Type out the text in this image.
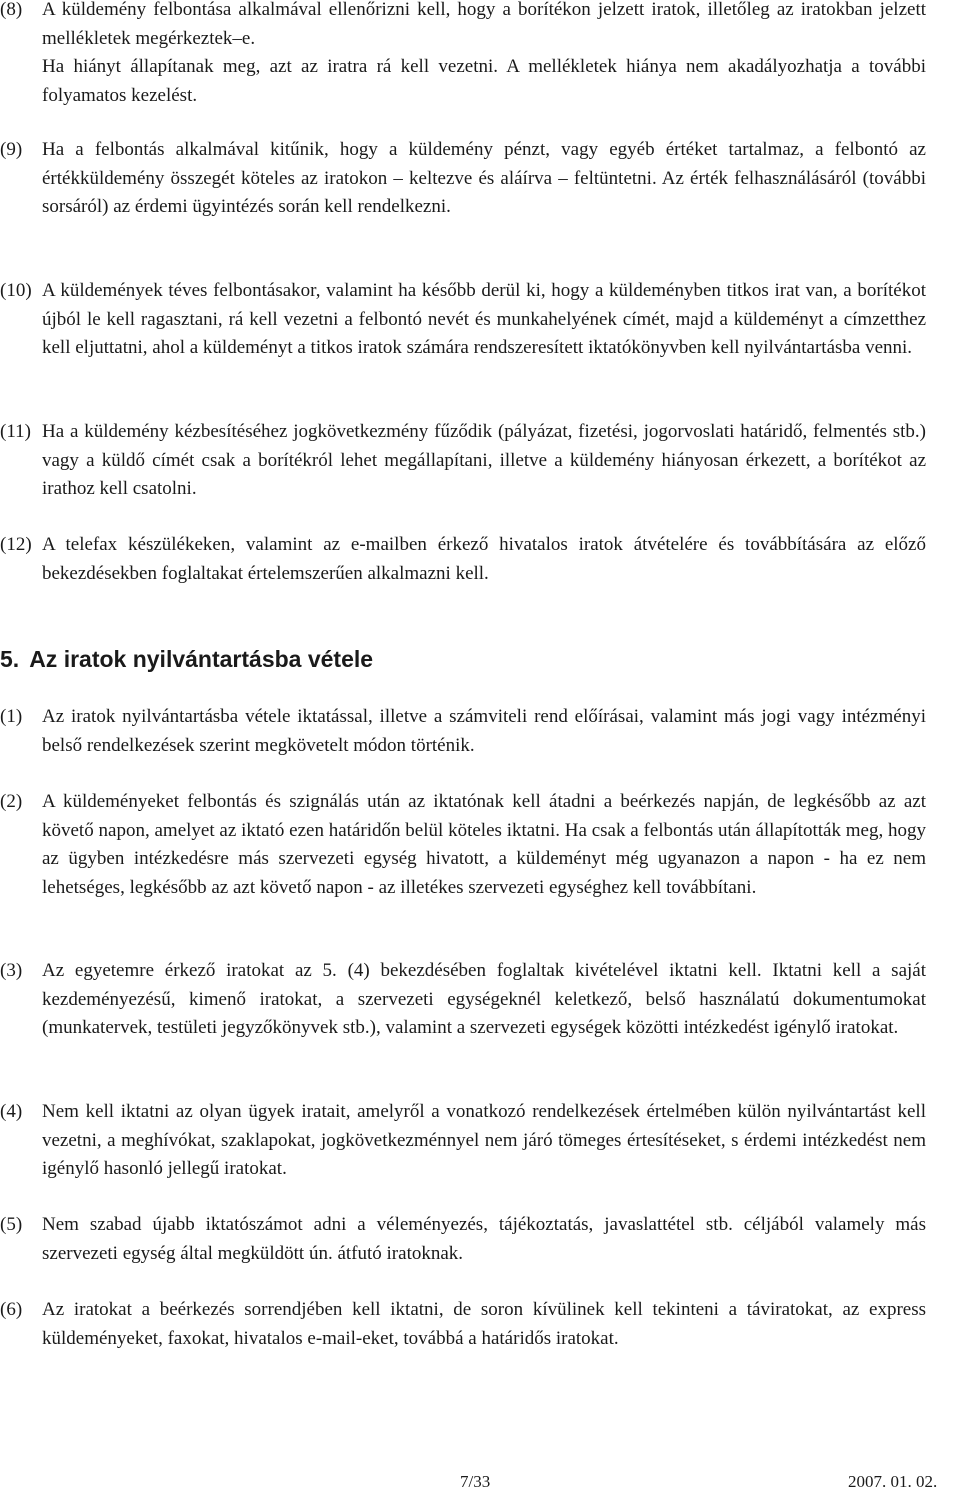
(8) A küldemény felbontása alkalmával ellenőrizni kell, hogy a borítékon jelzett iratok, illetőleg az iratokban jelzett mellékletek megérkeztek–e.

Ha hiányt állapítanak meg, azt az iratra rá kell vezetni. A mellékletek hiánya nem akadályozhatja a további folyamatos kezelést.

(9) Ha a felbontás alkalmával kitűnik, hogy a küldemény pénzt, vagy egyéb értéket tartalmaz, a felbontó az értékküldemény összegét köteles az iratokon – keltezve és aláírva – feltüntetni. Az érték felhasználásáról (további sorsáról) az érdemi ügyintézés során kell rendelkezni.

(10) A küldemények téves felbontásakor, valamint ha később derül ki, hogy a küldeményben titkos irat van, a borítékot újból le kell ragasztani, rá kell vezetni a felbontó nevét és munkahelyének címét, majd a küldeményt a címzetthez kell eljuttatni, ahol a küldeményt a titkos iratok számára rendszeresített iktatókönyvben kell nyilvántartásba venni.

(11) Ha a küldemény kézbesítéséhez jogkövetkezmény fűződik (pályázat, fizetési, jogorvoslati határidő, felmentés stb.) vagy a küldő címét csak a borítékról lehet megállapítani, illetve a küldemény hiányosan érkezett, a borítékot az irathoz kell csatolni.

(12) A telefax készülékeken, valamint az e-mailben érkező hivatalos iratok átvételére és továbbítására az előző bekezdésekben foglaltakat értelemszerűen alkalmazni kell.

5. Az iratok nyilvántartásba vétele
(1) Az iratok nyilvántartásba vétele iktatással, illetve a számviteli rend előírásai, valamint más jogi vagy intézményi belső rendelkezések szerint megkövetelt módon történik.

(2) A küldeményeket felbontás és szignálás után az iktatónak kell átadni a beérkezés napján, de legkésőbb az azt követő napon, amelyet az iktató ezen határidőn belül köteles iktatni. Ha csak a felbontás után állapították meg, hogy az ügyben intézkedésre más szervezeti egység hivatott, a küldeményt még ugyanazon a napon - ha ez nem lehetséges, legkésőbb az azt követő napon - az illetékes szervezeti egységhez kell továbbítani.

(3) Az egyetemre érkező iratokat az 5. (4) bekezdésében foglaltak kivételével iktatni kell. Iktatni kell a saját kezdeményezésű, kimenő iratokat, a szervezeti egységeknél keletkező, belső használatú dokumentumokat (munkatervek, testületi jegyzőkönyvek stb.), valamint a szervezeti egységek közötti intézkedést igénylő iratokat.

(4) Nem kell iktatni az olyan ügyek iratait, amelyről a vonatkozó rendelkezések értelmében külön nyilvántartást kell vezetni, a meghívókat, szaklapokat, jogkövetkezménnyel nem járó tömeges értesítéseket, s érdemi intézkedést nem igénylő hasonló jellegű iratokat.

(5) Nem szabad újabb iktatószámot adni a véleményezés, tájékoztatás, javaslattétel stb. céljából valamely más szervezeti egység által megküldött ún. átfutó iratoknak.

(6) Az iratokat a beérkezés sorrendjében kell iktatni, de soron kívülinek kell tekinteni a táviratokat, az express küldeményeket, faxokat, hivatalos e-mail-eket, továbbá a határidős iratokat.

7/33	2007. 01. 02.
